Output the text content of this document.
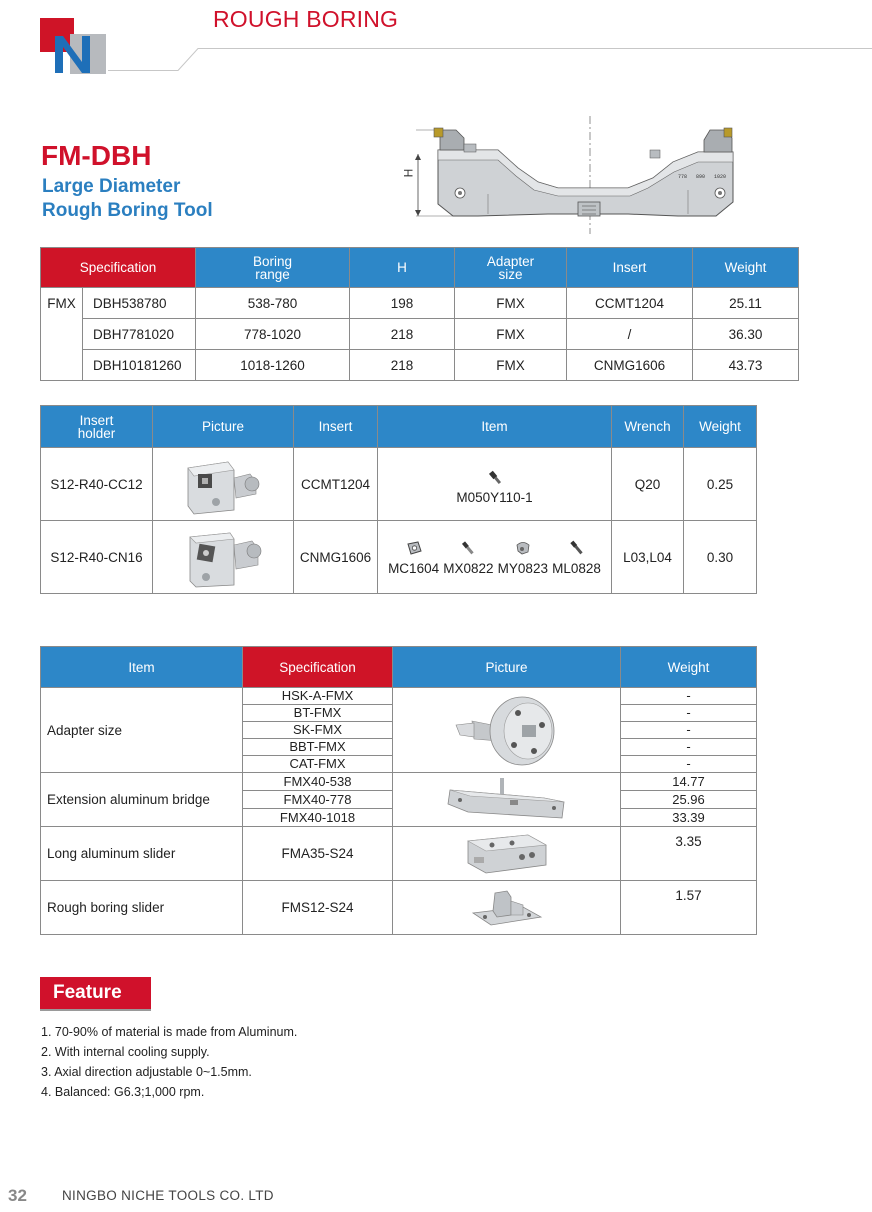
ROUGH BORING
FM-DBH
Large Diameter
Rough Boring Tool
H	778   890   1020
Specification		Boring range	H	Adapter size	Insert	Weight
FMX	DBH538780	538-780	198	FMX	CCMT1204	25.11
	DBH7781020	778-1020	218	FMX	/	36.30
	DBH10181260	1018-1260	218	FMX	CNMG1606	43.73
Insert holder	Picture	Insert	Item	Wrench	Weight
S12-R40-CC12		CCMT1204	M050Y110-1	Q20	0.25
S12-R40-CN16		CNMG1606	MC1604 MX0822 MY0823 ML0828	L03,L04	0.30
Item	Specification	Picture	Weight
Adapter size	HSK-A-FMX		-
	BT-FMX		-
	SK-FMX		-
	BBT-FMX		-
	CAT-FMX		-
Extension aluminum bridge	FMX40-538		14.77
	FMX40-778		25.96
	FMX40-1018		33.39
Long aluminum slider	FMA35-S24		3.35
Rough boring slider	FMS12-S24		1.57
Feature
1. 70-90% of material is made from Aluminum.
2. With internal cooling supply.
3. Axial direction adjustable 0~1.5mm.
4. Balanced: G6.3;1,000 rpm.
32	NINGBO NICHE TOOLS CO. LTD
